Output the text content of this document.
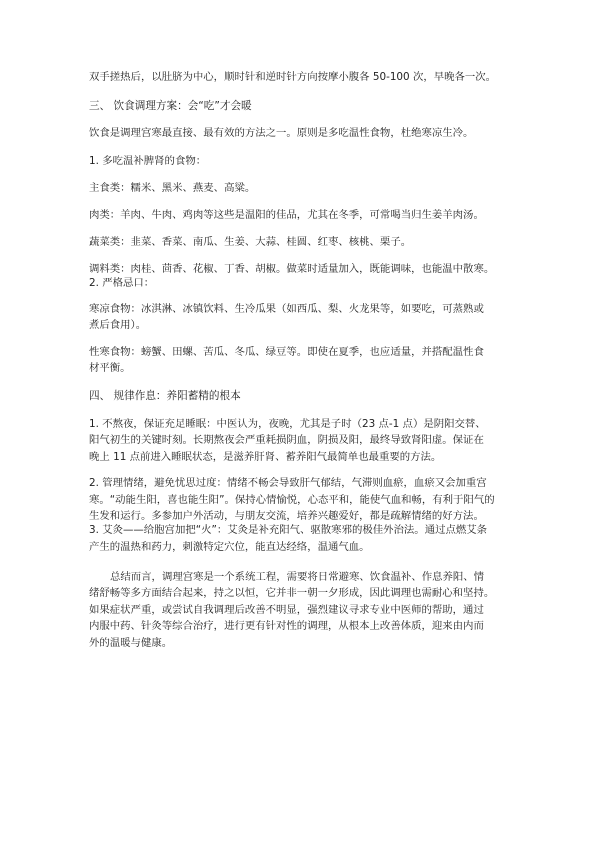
双手搓热后，以肚脐为中心，顺时针和逆时针方向按摩小腹各 50-100 次，早晚各一次。
三、 饮食调理方案：会“吃”才会暖
饮食是调理宫寒最直接、最有效的方法之一。原则是多吃温性食物，杜绝寒凉生冷。
1. 多吃温补脾肾的食物：
主食类：糯米、黑米、燕麦、高粱。
肉类：羊肉、牛肉、鸡肉等这些是温阳的佳品，尤其在冬季，可常喝当归生姜羊肉汤。
蔬菜类：韭菜、香菜、南瓜、生姜、大蒜、桂圆、红枣、核桃、栗子。
调料类：肉桂、茴香、花椒、丁香、胡椒。做菜时适量加入，既能调味，也能温中散寒。
2. 严格忌口：
寒凉食物：冰淇淋、冰镇饮料、生冷瓜果（如西瓜、梨、火龙果等，如要吃，可蒸熟或
煮后食用）。
性寒食物：螃蟹、田螺、苦瓜、冬瓜、绿豆等。即使在夏季，也应适量，并搭配温性食
材平衡。
四、 规律作息：养阳蓄精的根本
1. 不熬夜，保证充足睡眠：中医认为，夜晚，尤其是子时（23 点-1 点）是阴阳交替、
阳气初生的关键时刻。长期熬夜会严重耗损阴血，阴损及阳，最终导致肾阳虚。保证在
晚上 11 点前进入睡眠状态，是滋养肝肾、蓄养阳气最简单也最重要的方法。
2. 管理情绪，避免忧思过度：情绪不畅会导致肝气郁结，气滞则血瘀，血瘀又会加重宫
寒。“动能生阳，喜也能生阳”。保持心情愉悦，心态平和，能使气血和畅，有利于阳气的
生发和运行。多参加户外活动，与朋友交流，培养兴趣爱好，都是疏解情绪的好方法。
3. 艾灸——给胞宫加把“火”：艾灸是补充阳气、驱散寒邪的极佳外治法。通过点燃艾条
产生的温热和药力，刺激特定穴位，能直达经络，温通气血。
总结而言，调理宫寒是一个系统工程，需要将日常避寒、饮食温补、作息养阳、情
绪舒畅等多方面结合起来，持之以恒，它并非一朝一夕形成，因此调理也需耐心和坚持。
如果症状严重，或尝试自我调理后改善不明显，强烈建议寻求专业中医师的帮助，通过
内服中药、针灸等综合治疗，进行更有针对性的调理，从根本上改善体质，迎来由内而
外的温暖与健康。
